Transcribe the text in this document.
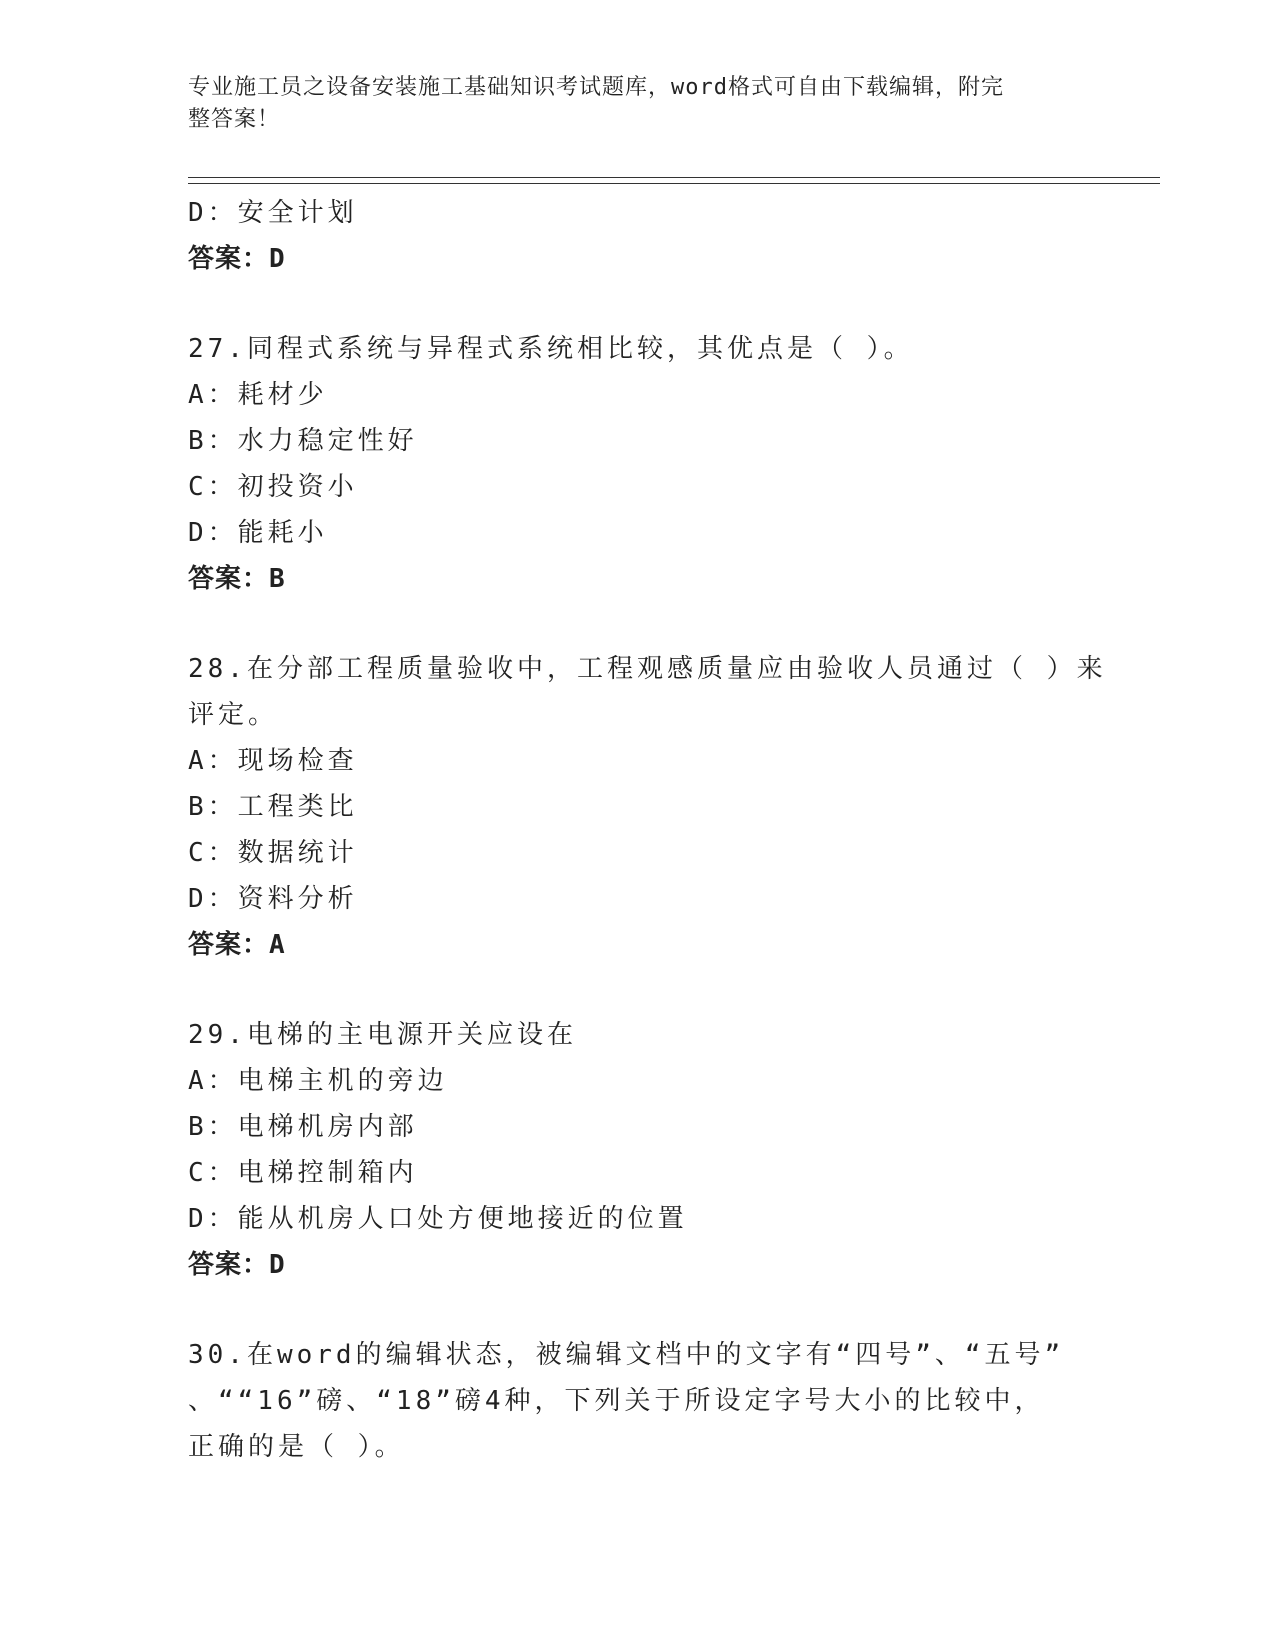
专业施工员之设备安装施工基础知识考试题库，word格式可自由下载编辑，附完
整答案！
D：安全计划
答案：D
27.同程式系统与异程式系统相比较，其优点是（ ）。
A：耗材少
B：水力稳定性好
C：初投资小
D：能耗小
答案：B
28.在分部工程质量验收中，工程观感质量应由验收人员通过（ ）来
评定。
A：现场检查
B：工程类比
C：数据统计
D：资料分析
答案：A
29.电梯的主电源开关应设在
A：电梯主机的旁边
B：电梯机房内部
C：电梯控制箱内
D：能从机房人口处方便地接近的位置
答案：D
30.在word的编辑状态，被编辑文档中的文字有“四号”、“五号”
、““16”磅、“18”磅4种，下列关于所设定字号大小的比较中，
正确的是（ ）。
